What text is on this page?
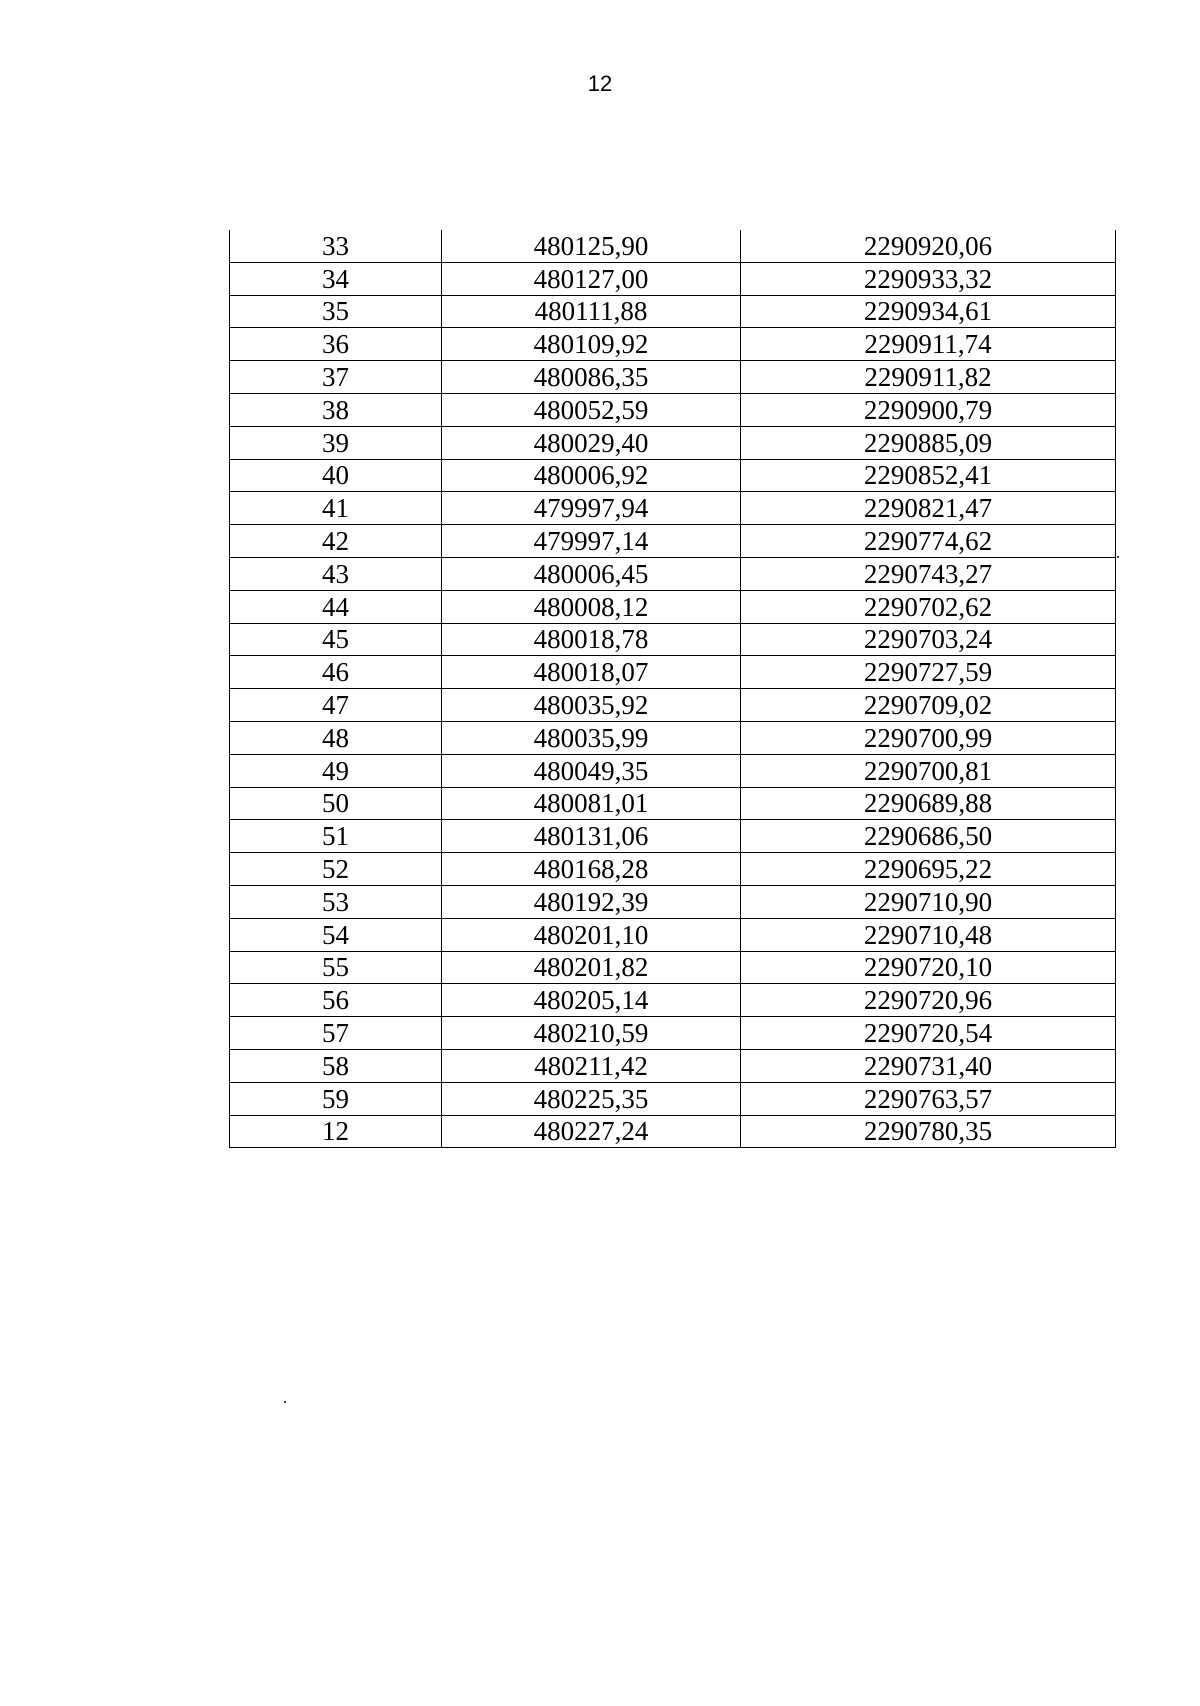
12
33	480125,90	2290920,06
34	480127,00	2290933,32
35	480111,88	2290934,61
36	480109,92	2290911,74
37	480086,35	2290911,82
38	480052,59	2290900,79
39	480029,40	2290885,09
40	480006,92	2290852,41
41	479997,94	2290821,47
42	479997,14	2290774,62
43	480006,45	2290743,27
44	480008,12	2290702,62
45	480018,78	2290703,24
46	480018,07	2290727,59
47	480035,92	2290709,02
48	480035,99	2290700,99
49	480049,35	2290700,81
50	480081,01	2290689,88
51	480131,06	2290686,50
52	480168,28	2290695,22
53	480192,39	2290710,90
54	480201,10	2290710,48
55	480201,82	2290720,10
56	480205,14	2290720,96
57	480210,59	2290720,54
58	480211,42	2290731,40
59	480225,35	2290763,57
12	480227,24	2290780,35
